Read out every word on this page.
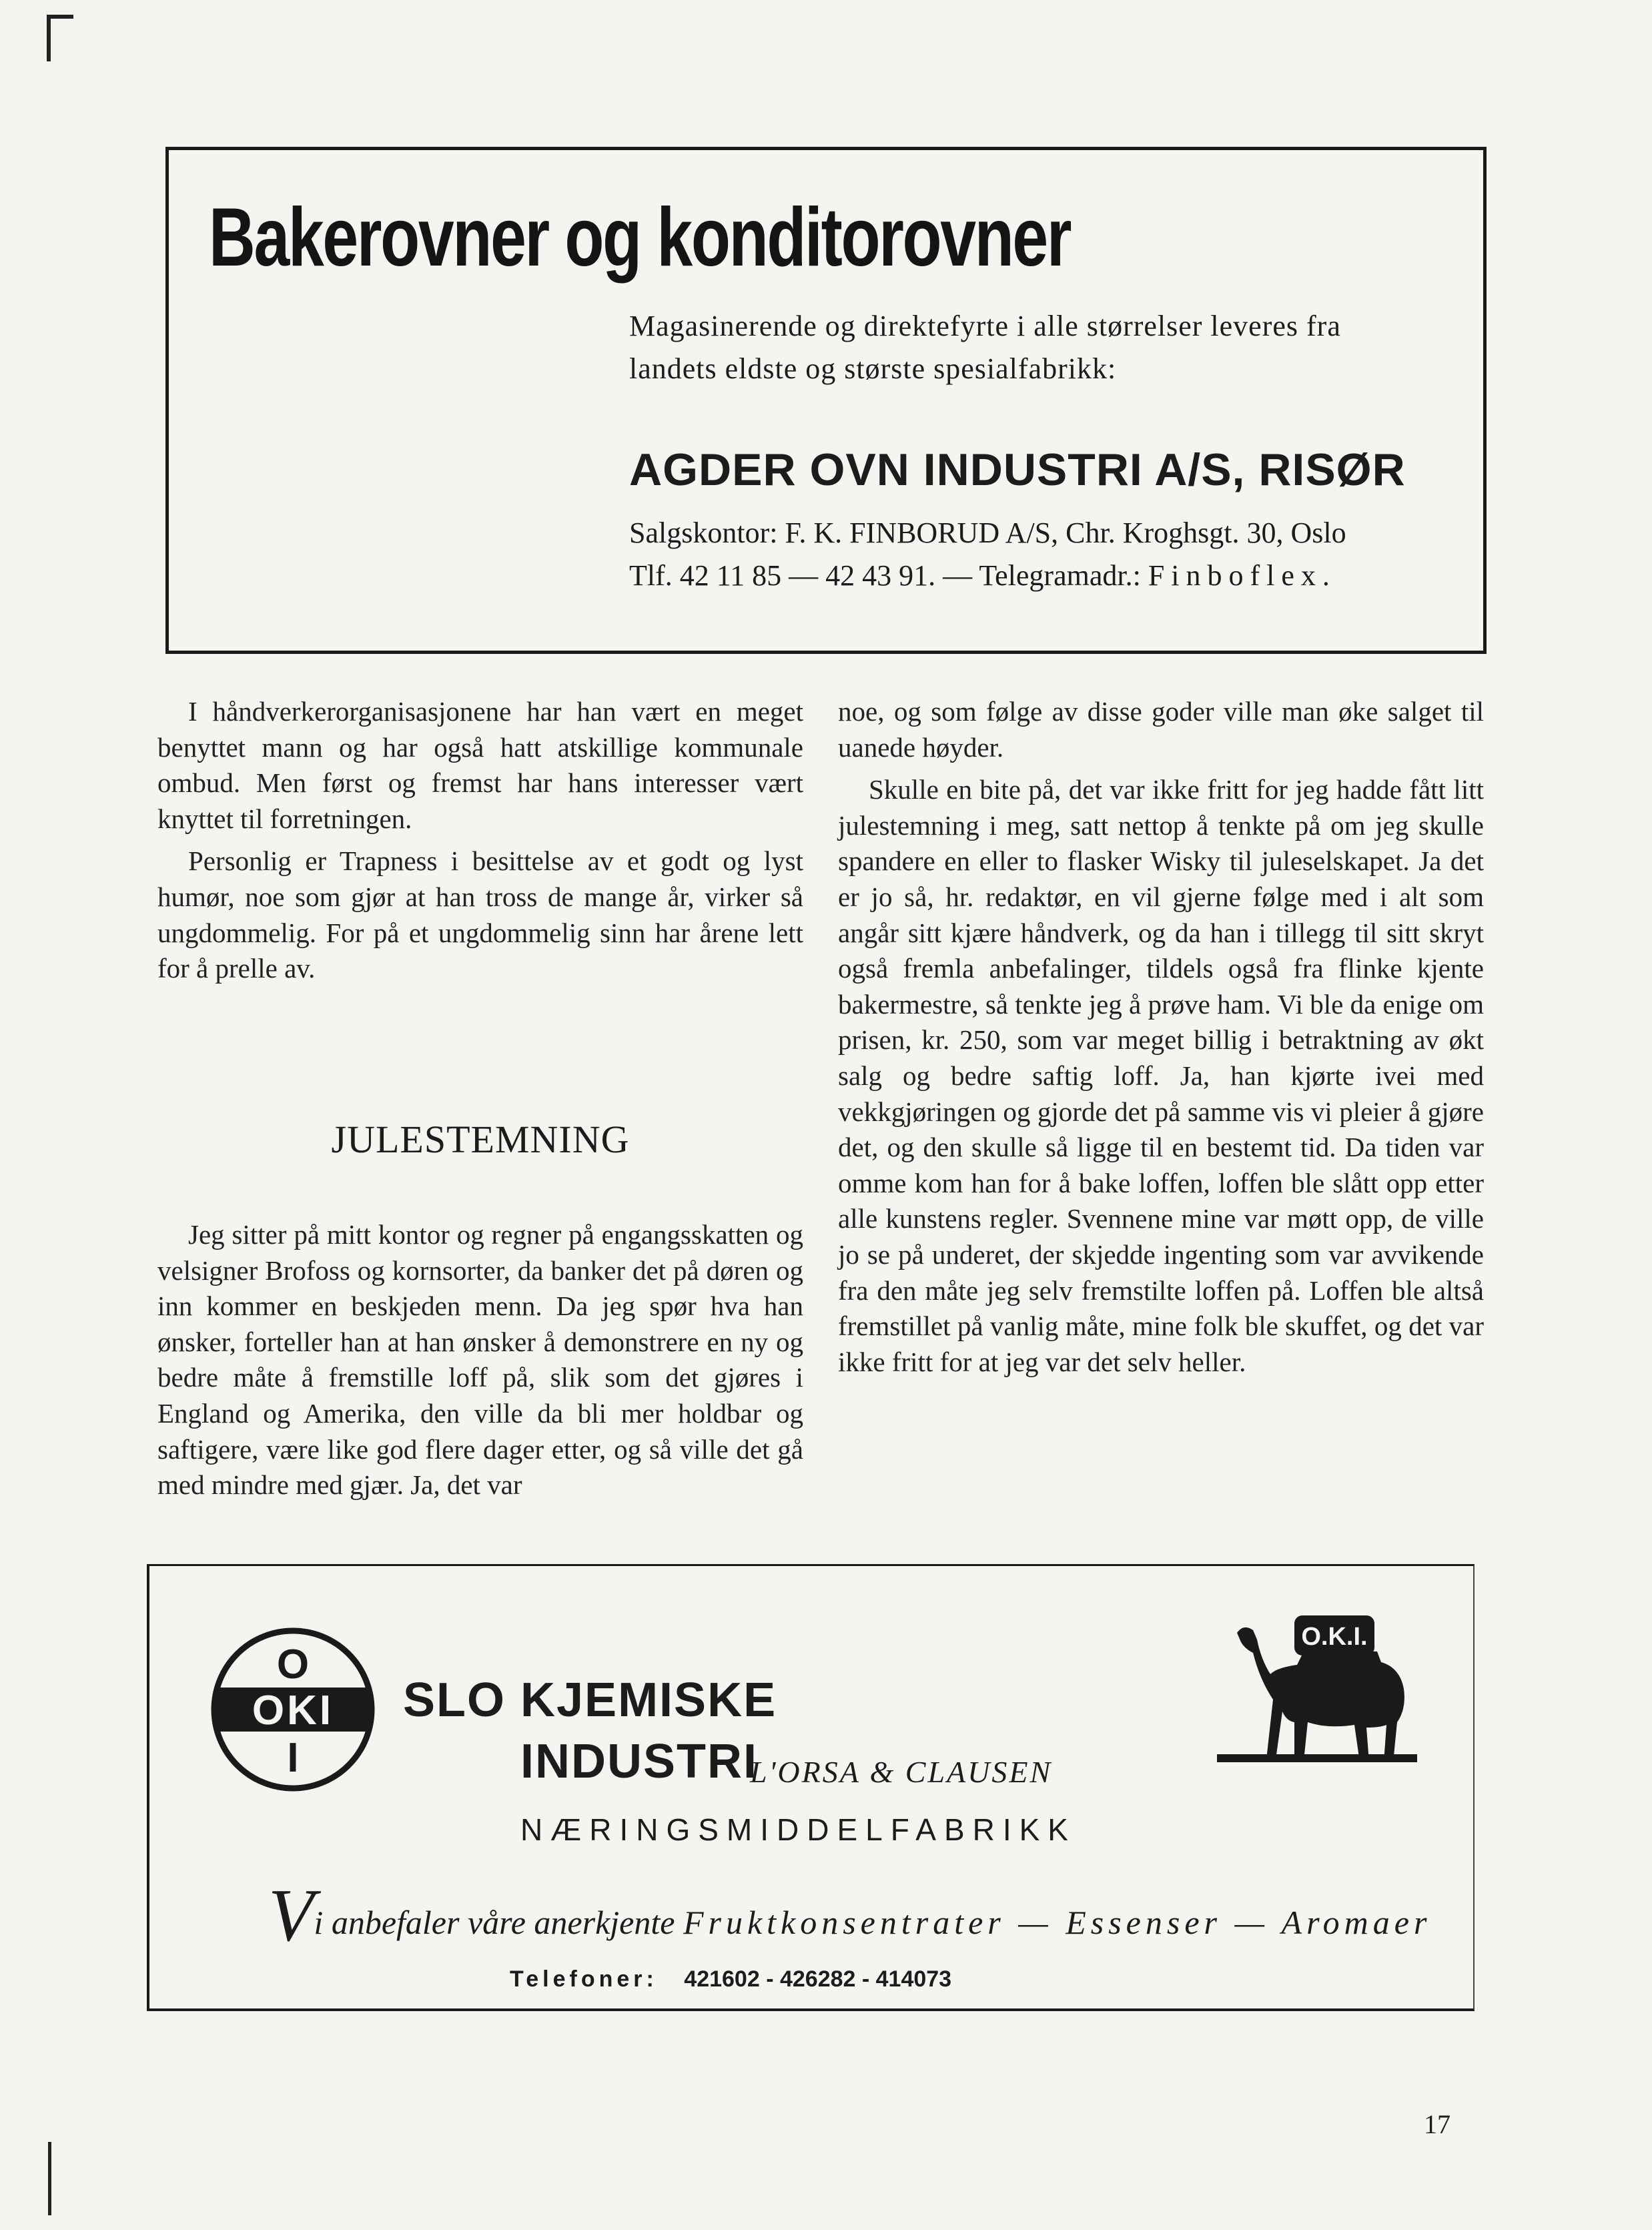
Bakerovner og konditorovner
Magasinerende og direktefyrte i alle størrelser leveres fra
landets eldste og største spesialfabrikk:
AGDER OVN INDUSTRI A/S, RISØR
Salgskontor: F. K. FINBORUD A/S, Chr. Kroghsgt. 30, Oslo
Tlf. 42 11 85 — 42 43 91. — Telegramadr.: Finboflex.

I håndverkerorganisasjonene har han vært en meget benyttet mann og har også hatt atskillige kommunale ombud. Men først og fremst har hans interesser vært knyttet til forretningen.

Personlig er Trapness i besittelse av et godt og lyst humør, noe som gjør at han tross de mange år, virker så ungdommelig. For på et ungdommelig sinn har årene lett for å prelle av.

JULESTEMNING

Jeg sitter på mitt kontor og regner på engangsskatten og velsigner Brofoss og kornsorter, da banker det på døren og inn kommer en beskjeden menn. Da jeg spør hva han ønsker, forteller han at han ønsker å demonstrere en ny og bedre måte å fremstille loff på, slik som det gjøres i England og Amerika, den ville da bli mer holdbar og saftigere, være like god flere dager etter, og så ville det gå med mindre med gjær. Ja, det var

noe, og som følge av disse goder ville man øke salget til uanede høyder.

Skulle en bite på, det var ikke fritt for jeg hadde fått litt julestemning i meg, satt nettop å tenkte på om jeg skulle spandere en eller to flasker Wisky til juleselskapet. Ja det er jo så, hr. redaktør, en vil gjerne følge med i alt som angår sitt kjære håndverk, og da han i tillegg til sitt skryt også fremla anbefalinger, tildels også fra flinke kjente bakermestre, så tenkte jeg å prøve ham. Vi ble da enige om prisen, kr. 250, som var meget billig i betraktning av økt salg og bedre saftig loff. Ja, han kjørte ivei med vekkgjøringen og gjorde det på samme vis vi pleier å gjøre det, og den skulle så ligge til en bestemt tid. Da tiden var omme kom han for å bake loffen, loffen ble slått opp etter alle kunstens regler. Svennene mine var møtt opp, de ville jo se på underet, der skjedde ingenting som var avvikende fra den måte jeg selv fremstilte loffen på. Loffen ble altså fremstillet på vanlig måte, mine folk ble skuffet, og det var ikke fritt for at jeg var det selv heller.

O
OKI
I
SLO KJEMISKE
INDUSTRI
L'ORSA & CLAUSEN
NÆRINGSMIDDELFABRIKK
O.K.I.
Vi anbefaler våre anerkjente Fruktkonsentrater — Essenser — Aromaer
Telefoner: 421602 - 426282 - 414073
17
